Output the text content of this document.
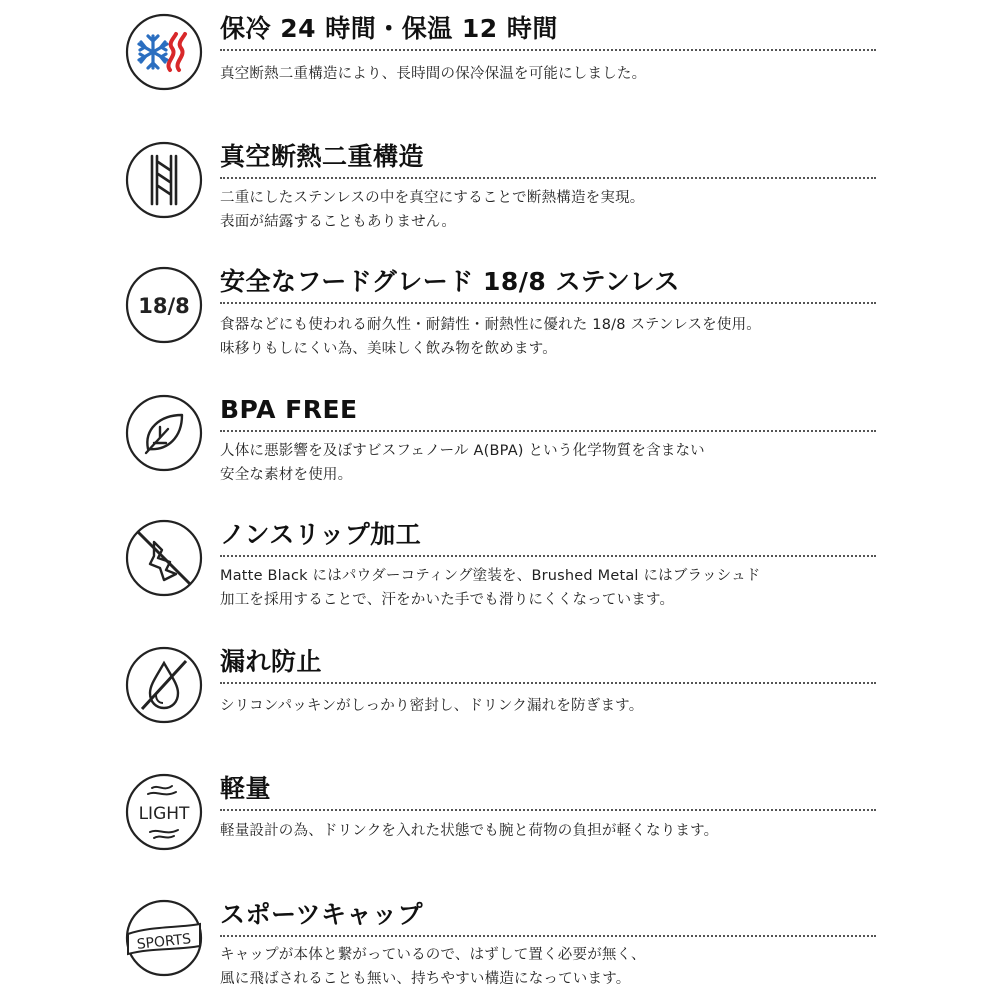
保冷 24 時間・保温 12 時間
真空断熱二重構造により、長時間の保冷保温を可能にしました。
真空断熱二重構造
二重にしたステンレスの中を真空にすることで断熱構造を実現。
表面が結露することもありません。
18/8
安全なフードグレード 18/8 ステンレス
食器などにも使われる耐久性・耐錆性・耐熱性に優れた 18/8 ステンレスを使用。
味移りもしにくい為、美味しく飲み物を飲めます。
BPA FREE
人体に悪影響を及ぼすビスフェノール A(BPA) という化学物質を含まない
安全な素材を使用。
ノンスリップ加工
Matte Black にはパウダーコティング塗装を、Brushed Metal にはブラッシュド
加工を採用することで、汗をかいた手でも滑りにくくなっています。
漏れ防止
シリコンパッキンがしっかり密封し、ドリンク漏れを防ぎます。
LIGHT
軽量
軽量設計の為、ドリンクを入れた状態でも腕と荷物の負担が軽くなります。
SPORTS
スポーツキャップ
キャップが本体と繋がっているので、はずして置く必要が無く、
風に飛ばされることも無い、持ちやすい構造になっています。
